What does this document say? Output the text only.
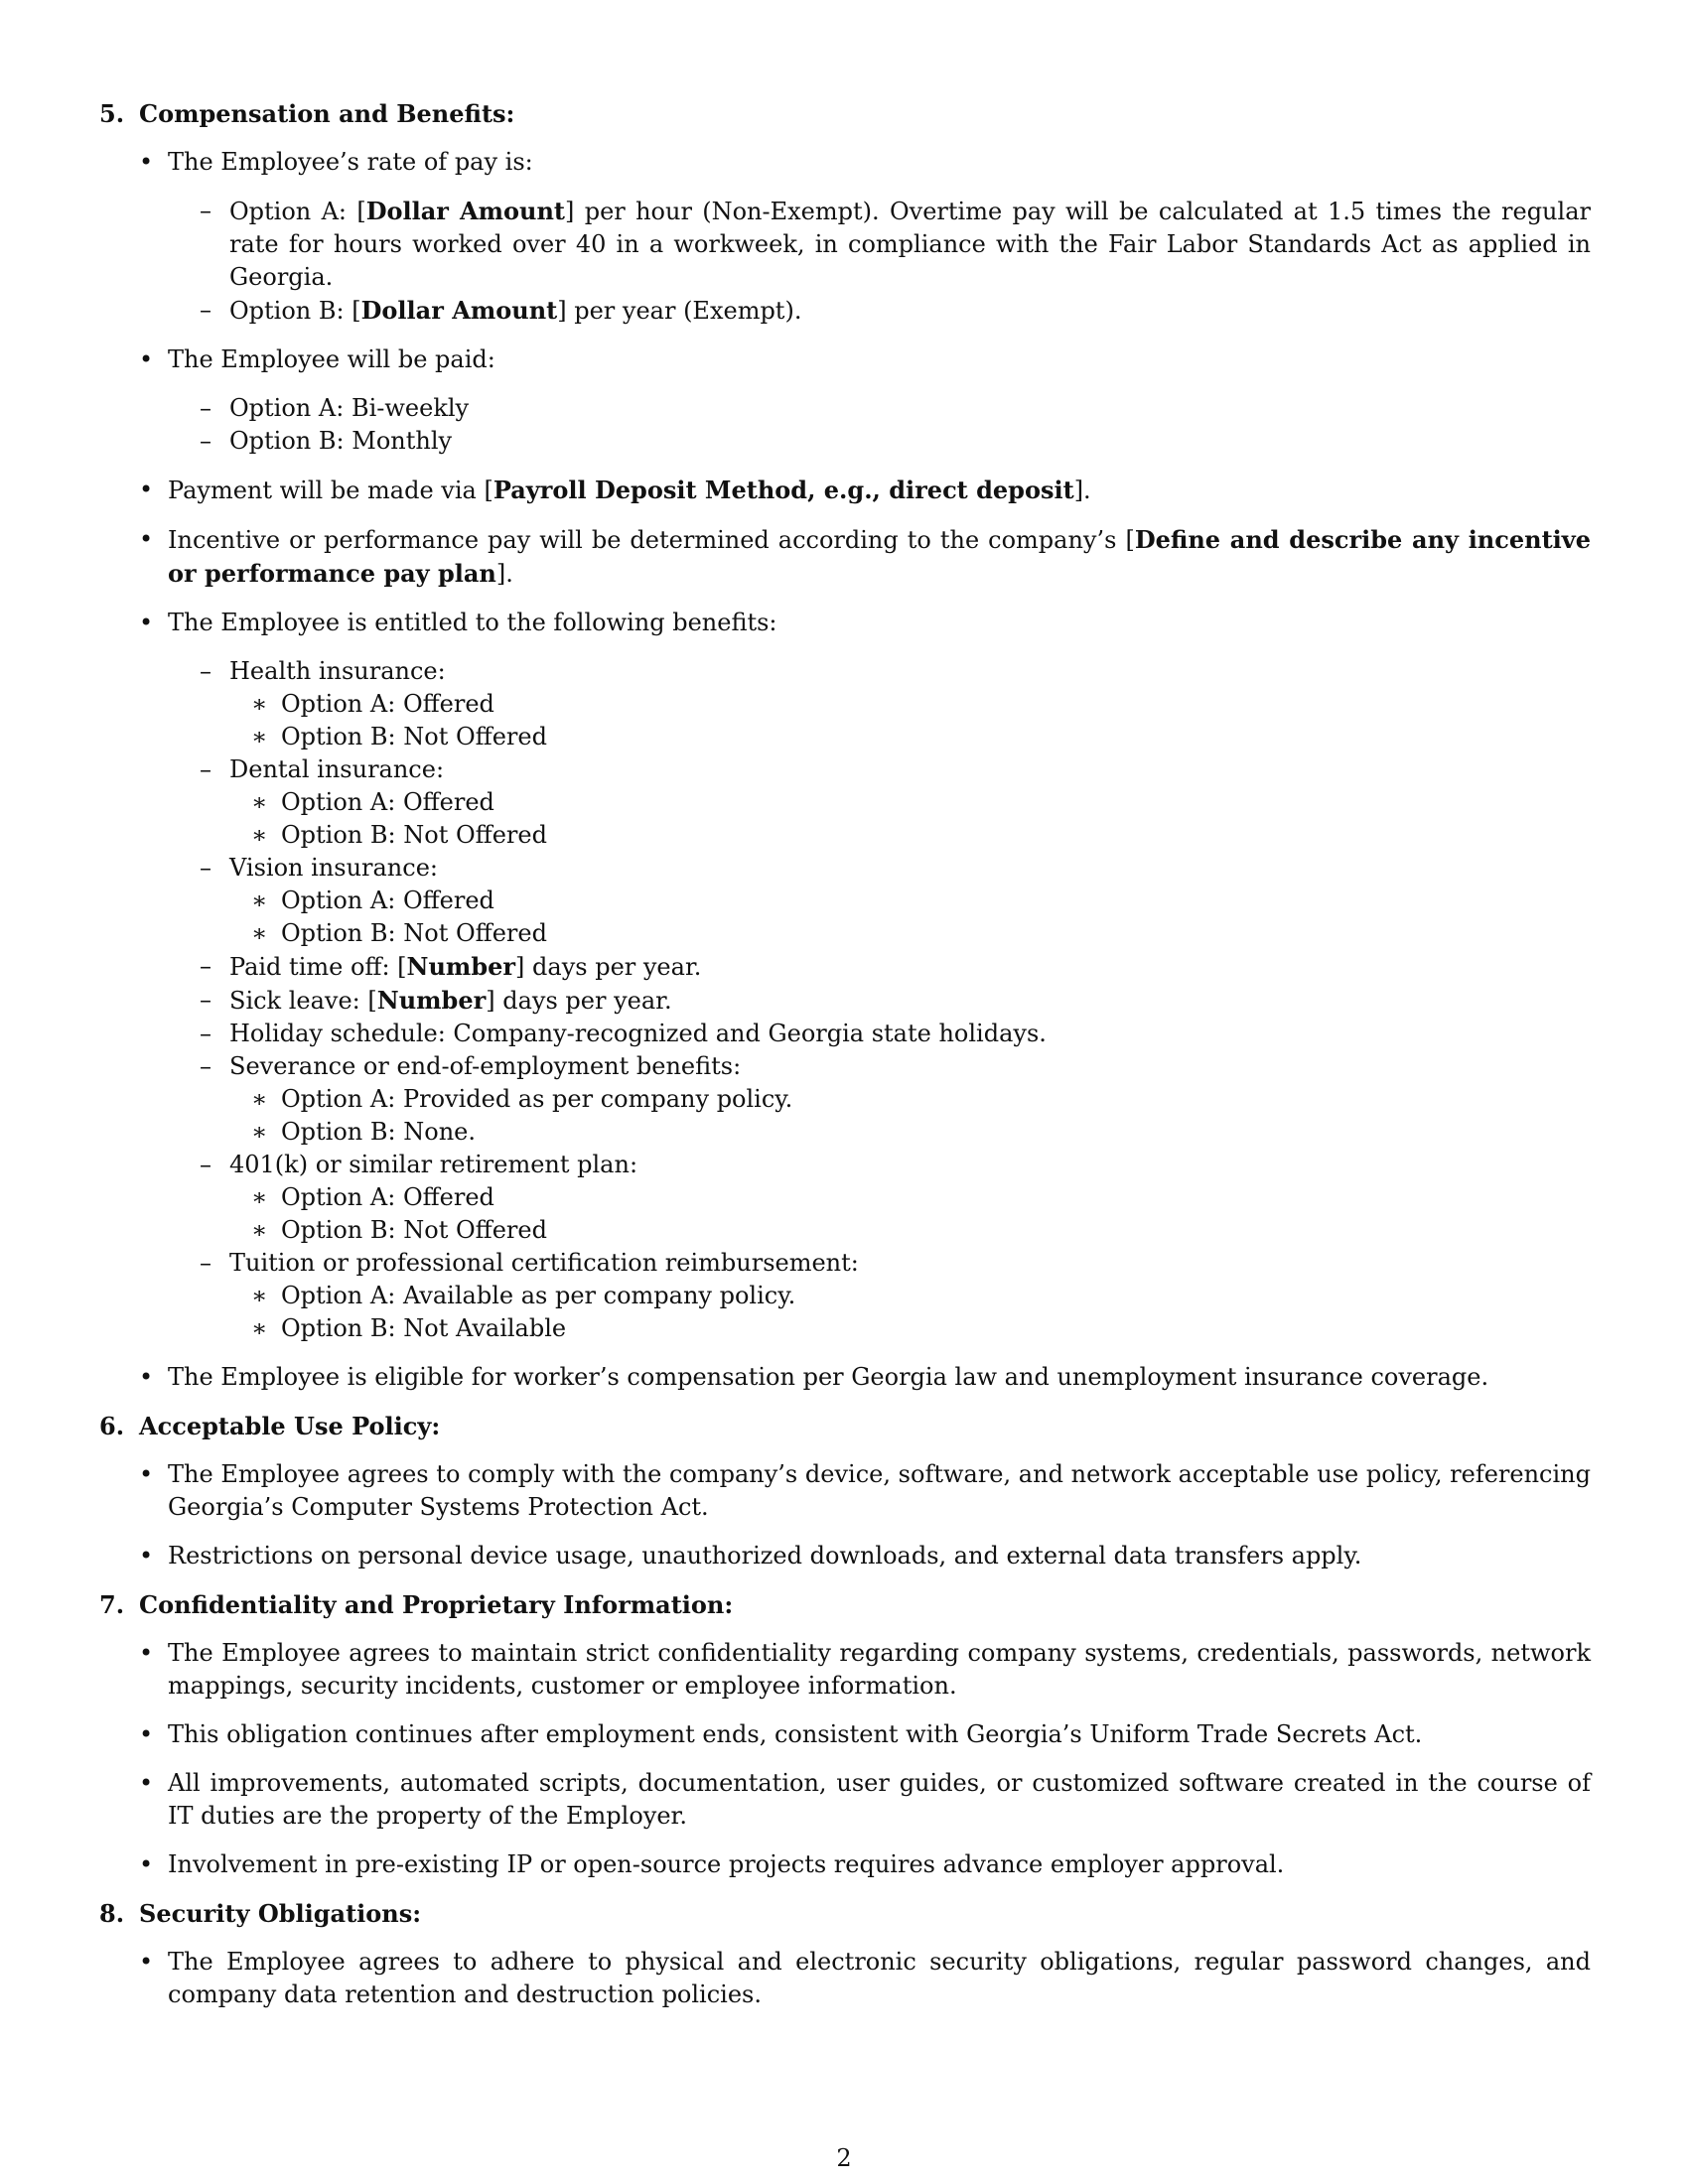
5. Compensation and Benefits:
• The Employee’s rate of pay is:
– Option A: [Dollar Amount] per hour (Non-Exempt). Overtime pay will be calculated at 1.5 times the regular rate for hours worked over 40 in a workweek, in compliance with the Fair Labor Standards Act as applied in Georgia.
– Option B: [Dollar Amount] per year (Exempt).
• The Employee will be paid:
– Option A: Bi-weekly
– Option B: Monthly
• Payment will be made via [Payroll Deposit Method, e.g., direct deposit].
• Incentive or performance pay will be determined according to the company’s [Define and describe any incentive or performance pay plan].
• The Employee is entitled to the following benefits:
– Health insurance:
∗ Option A: Offered
∗ Option B: Not Offered
– Dental insurance:
∗ Option A: Offered
∗ Option B: Not Offered
– Vision insurance:
∗ Option A: Offered
∗ Option B: Not Offered
– Paid time off: [Number] days per year.
– Sick leave: [Number] days per year.
– Holiday schedule: Company-recognized and Georgia state holidays.
– Severance or end-of-employment benefits:
∗ Option A: Provided as per company policy.
∗ Option B: None.
– 401(k) or similar retirement plan:
∗ Option A: Offered
∗ Option B: Not Offered
– Tuition or professional certification reimbursement:
∗ Option A: Available as per company policy.
∗ Option B: Not Available
• The Employee is eligible for worker’s compensation per Georgia law and unemployment insurance coverage.
6. Acceptable Use Policy:
• The Employee agrees to comply with the company’s device, software, and network acceptable use policy, referencing Georgia’s Computer Systems Protection Act.
• Restrictions on personal device usage, unauthorized downloads, and external data transfers apply.
7. Confidentiality and Proprietary Information:
• The Employee agrees to maintain strict confidentiality regarding company systems, credentials, passwords, network mappings, security incidents, customer or employee information.
• This obligation continues after employment ends, consistent with Georgia’s Uniform Trade Secrets Act.
• All improvements, automated scripts, documentation, user guides, or customized software created in the course of IT duties are the property of the Employer.
• Involvement in pre-existing IP or open-source projects requires advance employer approval.
8. Security Obligations:
• The Employee agrees to adhere to physical and electronic security obligations, regular password changes, and company data retention and destruction policies.
2
